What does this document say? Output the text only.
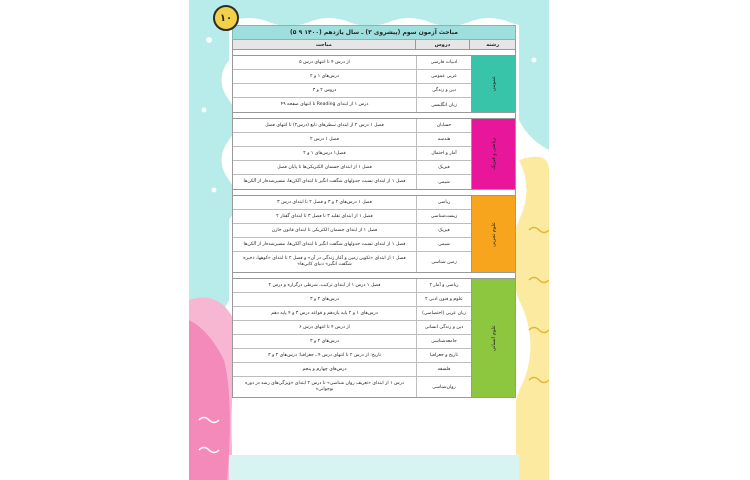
۱۰
مباحث آزمون سوم (پیشروی ۳) ـ سال یازدهم (۱۴۰۰ ۹ ۵)
مباحث	دروس	رشته
از درس ۴ تا انتهای درس ۵	ادبیات فارسی
درس‌های ۱ و ۲	عربی عمومی
دروس ۲ و ۳	دین و زندگی
درس ۱ از ابتدای Reading تا انتهای صفحه ۴۹	زبان انگلیسی
عمومی
فصل ۱ درس ۲ از ابتدای سطرهای تابع (درس۲) تا انتهای فصل	حسابان
فصل ۱ درس ۲	هندسه
فصل۱ درس‌های ۱ و ۲	آمار و احتمال
فصل ۱ از ابتدای جسمان الکتریکی‌ها تا پایان فصل	فیزیک
فصل ۱ از ابتدای نسبت جدولهای شگفت انگیز تا ابتدای آلکن‌ها، مسیرشده‌ار از آلکن‌ها	شیمی
ریاضی و فیزیک
فصل ۱ درس‌های ۲ و ۳ و فصل ۲ تا ابتدای درس ۳	ریاضی
فصل ۱ از ابتدای تقلید ۳ تا فصل ۳ تا ابتدای گفتار ۲	زیست‌شناسی
فصل ۱ از ابتدای جسمان الکتریکی تا ابتدای قانون خازن	فیزیک
فصل ۱ از ابتدای نسبت جدولهای شگفت انگیز تا ابتدای آلکن‌ها، مسیرشده‌ار از آلکن‌ها	شیمی
فصل ۱ از ابتدای «تکوین زمین و آغاز زندگی در آن» و فصل ۲ تا ابتدای «کوهها، ذخیره شگفت انگیز» دنیای کانی‌ها»	زمین شناسی
علوم تجربی
فصل ۱ درس ۱ از ابتدای ترکیب، شرطی درگزاره و درس ۲	ریاضی و آمار ۲
درس‌های ۲ و ۳	علوم و فنون ادبی ۲
درس‌های ۱ و ۲ پایه یازدهم و قواعد درس ۳ و ۴ پایه دهم	زبان عربی (اختصاصی)
از درس ۴ تا انتهای درس ۶	دین و زندگی انسانی
درس‌های ۲ و ۳	جامعه‌شناسی
تاریخ: از درس ۲ تا انتهای درس ۴ ـ جغرافیا: درس‌های ۲ و ۳	تاریخ و جغرافیا
درس‌های چهارم و پنجم	فلسفه
درس ۱ از ابتدای «تعریف روان شناسی» تا درس ۲ ابتدای «ویژگی‌های رشد در دوره نوجوانی»	روان‌شناسی
علوم انسانی
